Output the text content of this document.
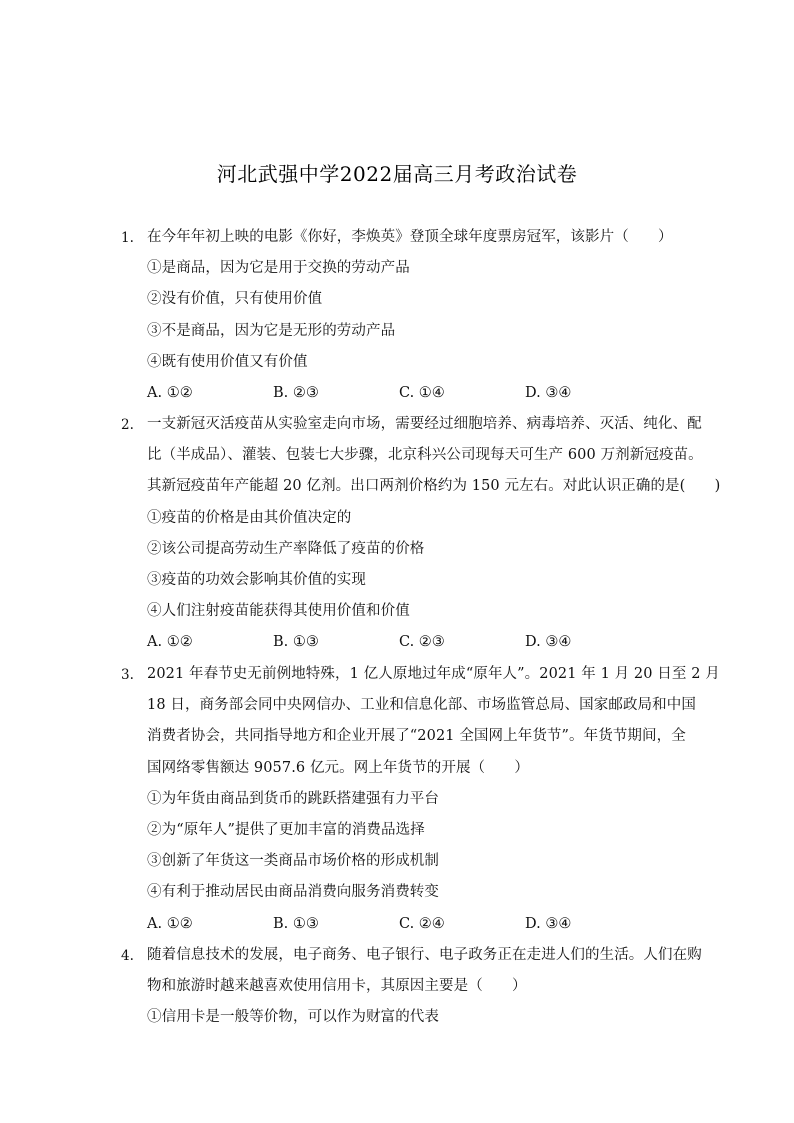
河北武强中学2022届高三月考政治试卷
1. 在今年年初上映的电影《你好，李焕英》登顶全球年度票房冠军，该影片（　　）
①是商品，因为它是用于交换的劳动产品
②没有价值，只有使用价值
③不是商品，因为它是无形的劳动产品
④既有使用价值又有价值
A. ①②	B. ②③	C. ①④	D. ③④
2. 一支新冠灭活疫苗从实验室走向市场，需要经过细胞培养、病毒培养、灭活、纯化、配
比（半成品）、灌装、包装七大步骤，北京科兴公司现每天可生产 600 万剂新冠疫苗。
其新冠疫苗年产能超 20 亿剂。出口两剂价格约为 150 元左右。对此认识正确的是(　　)
①疫苗的价格是由其价值决定的
②该公司提高劳动生产率降低了疫苗的价格
③疫苗的功效会影响其价值的实现
④人们注射疫苗能获得其使用价值和价值
A. ①②	B. ①③	C. ②③	D. ③④
3. 2021 年春节史无前例地特殊，1 亿人原地过年成“原年人”。2021 年 1 月 20 日至 2 月
18 日，商务部会同中央网信办、工业和信息化部、市场监管总局、国家邮政局和中国
消费者协会，共同指导地方和企业开展了“2021 全国网上年货节”。年货节期间，全
国网络零售额达 9057.6 亿元。网上年货节的开展（　　）
①为年货由商品到货币的跳跃搭建强有力平台
②为“原年人”提供了更加丰富的消费品选择
③创新了年货这一类商品市场价格的形成机制
④有利于推动居民由商品消费向服务消费转变
A. ①②	B. ①③	C. ②④	D. ③④
4. 随着信息技术的发展，电子商务、电子银行、电子政务正在走进人们的生活。人们在购
物和旅游时越来越喜欢使用信用卡，其原因主要是（　　）
①信用卡是一般等价物，可以作为财富的代表
